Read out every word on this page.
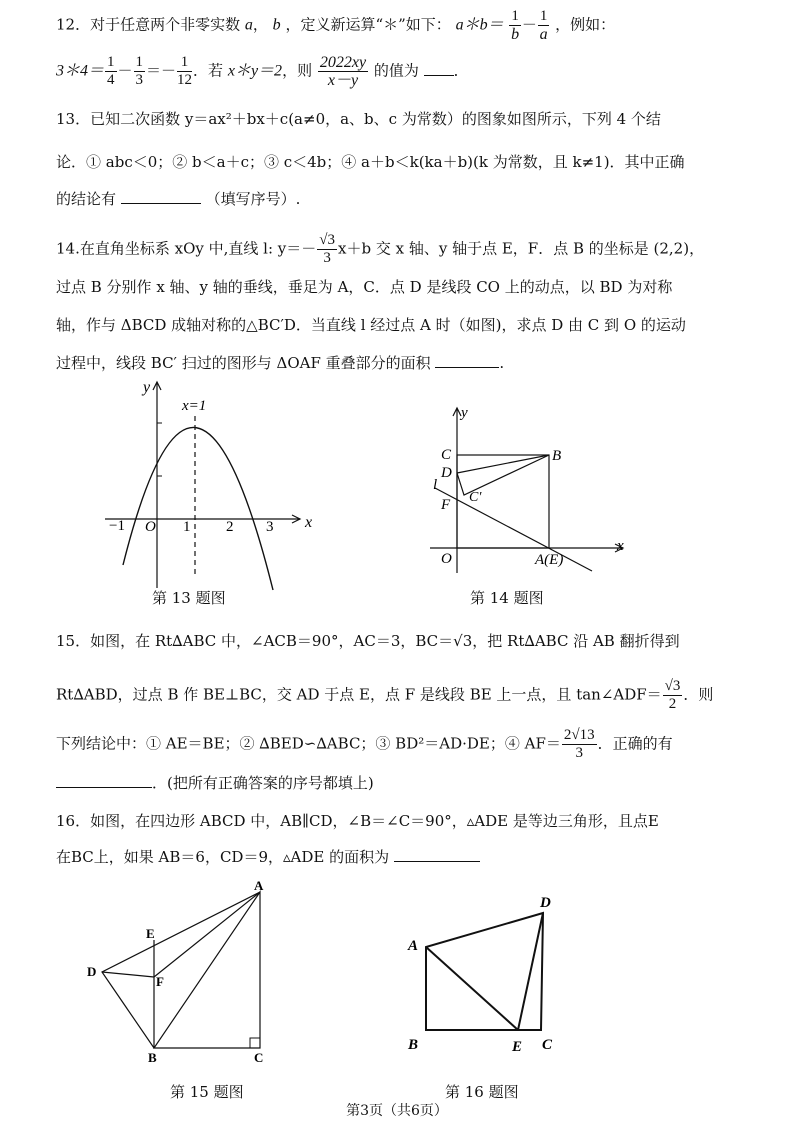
12．对于任意两个非零实数 a， b ，定义新运算“＊”如下： a＊b＝ $\frac{1}{b} - \frac{1}{a}$ ，例如：
3＊4＝ $\frac{1}{4} - \frac{1}{3} =- \frac{1}{12}$ ．若 x＊y＝2，则 $\frac{2022xy}{x-y}$ 的值为 ．
13．已知二次函数 y＝ax²＋bx＋c(a≠0，a、b、c 为常数）的图象如图所示，下列 4 个结
论．① abc＜0；② b＜a＋c；③ c＜4b；④ a＋b＜k(ka＋b)(k 为常数，且 k≠1)．其中正确
的结论有	（填写序号）.
14.在直角坐标系 xOy 中,直线 l: $y=- \frac{√3}{3} x+b$ 交 x 轴、y 轴于点 E，F．点 B 的坐标是 (2,2)，
过点 B 分别作 x 轴、y 轴的垂线，垂足为 A，C．点 D 是线段 CO 上的动点，以 BD 为对称
轴，作与 ΔBCD 成轴对称的△BC′D．当直线 l 经过点 A 时（如图)，求点 D 由 C 到 O 的运动
过程中，线段 BC′ 扫过的图形与 ΔOAF 重叠部分的面积	.
y
x
x=1
−1 O 1 2 3
第 13 题图
y
x
C	B
D
l
C′
F
O	A(E)
第 14 题图
15．如图，在 Rt∆ABC 中，∠ACB＝90°，AC＝3，BC＝√3，把 Rt∆ABC 沿 AB 翻折得到
Rt∆ABD，过点 B 作 BE⊥BC，交 AD 于点 E，点 F 是线段 BE 上一点，且 tan∠ADF＝ $\frac{√3}{2}$ ．则
下列结论中：① AE＝BE；② ∆BED∽∆ABC；③ BD²＝AD·DE；④ $AF= \frac{2√13}{3}$ ．正确的有
．(把所有正确答案的序号都填上)
16．如图，在四边形 ABCD 中，AB∥CD，∠B＝∠C＝90°，▵ADE 是等边三角形，且点E
在BC上，如果 AB＝6，CD＝9，▵ADE 的面积为
A
E
D
F
B	C
第 15 题图
D
A
B	E C
第 16 题图
第3页（共6页）
